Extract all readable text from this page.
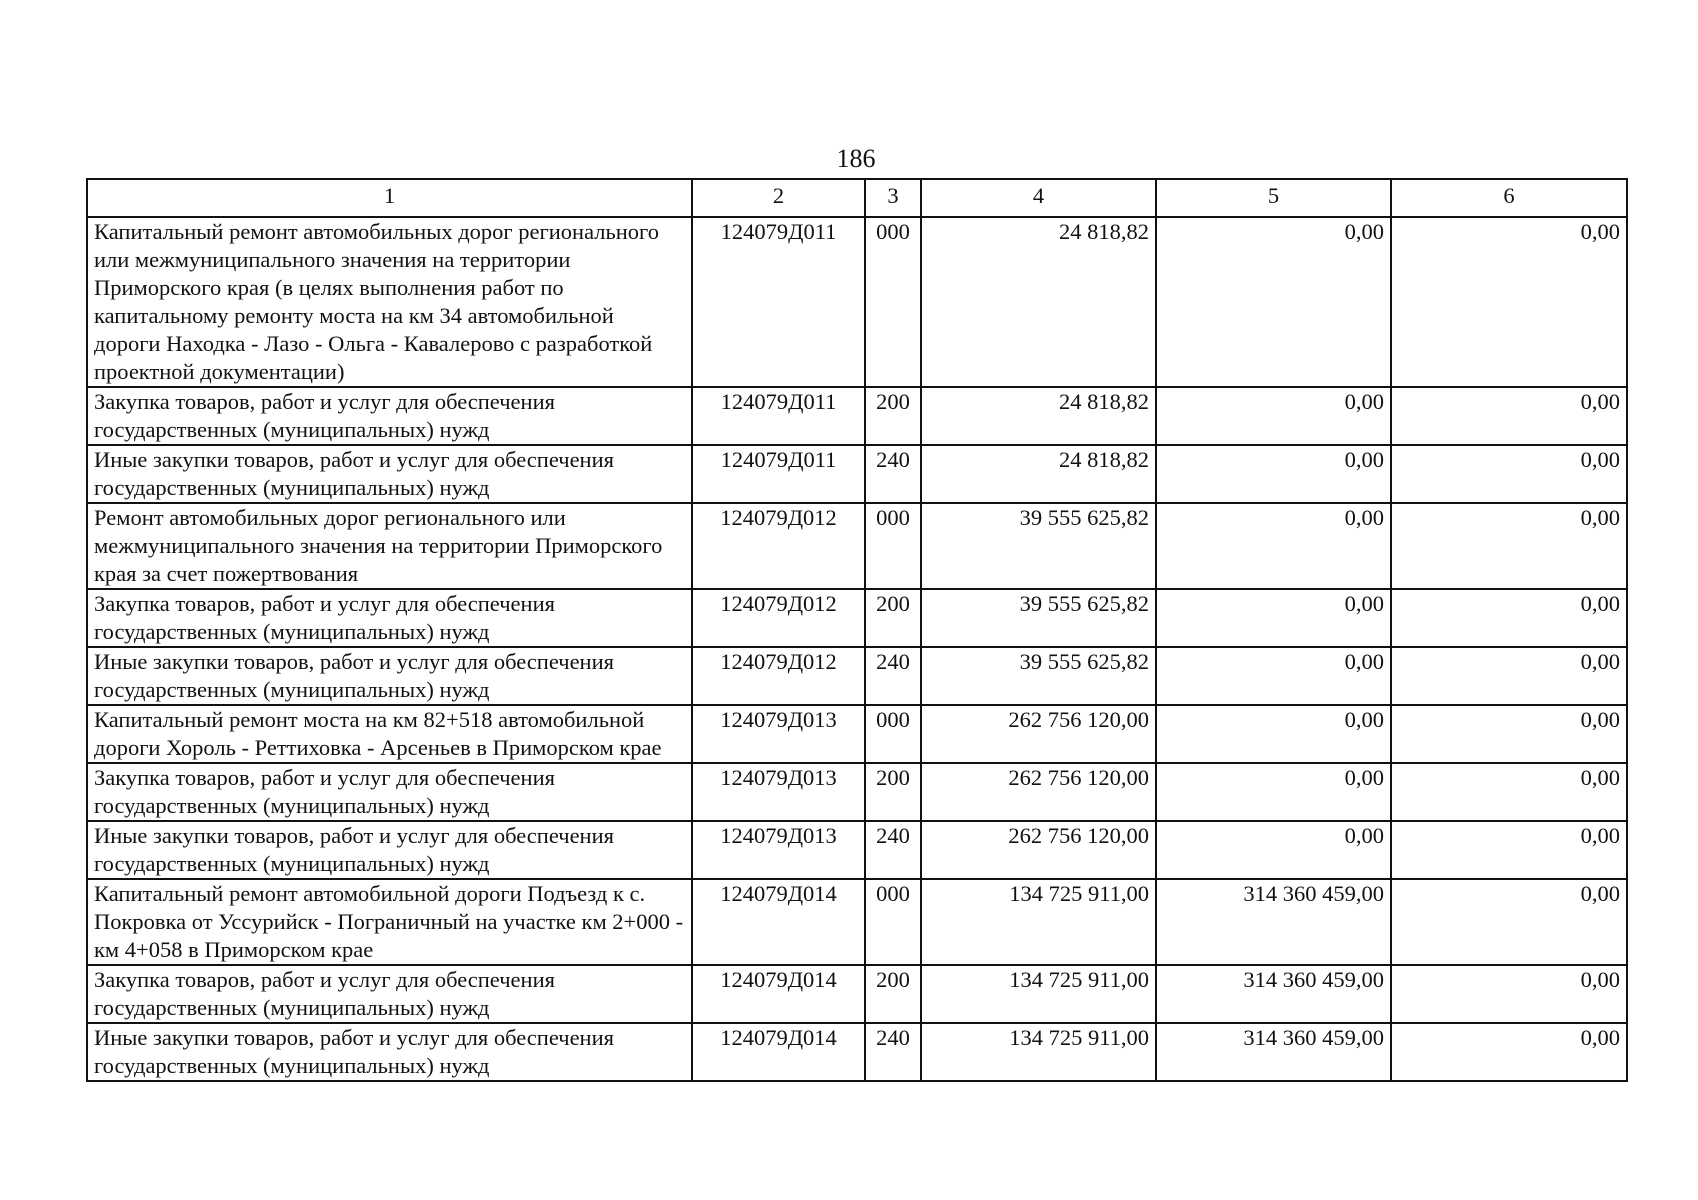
186
1	2	3	4	5	6
Капитальный ремонт автомобильных дорог регионального или межмуниципального значения на территории Приморского края (в целях выполнения работ по капитальному ремонту моста на км 34 автомобильной дороги Находка - Лазо - Ольга - Кавалерово с разработкой проектной документации)	124079Д011	000	24 818,82	0,00	0,00
Закупка товаров, работ и услуг для обеспечения государственных (муниципальных) нужд	124079Д011	200	24 818,82	0,00	0,00
Иные закупки товаров, работ и услуг для обеспечения государственных (муниципальных) нужд	124079Д011	240	24 818,82	0,00	0,00
Ремонт автомобильных дорог регионального или межмуниципального значения на территории Приморского края за счет пожертвования	124079Д012	000	39 555 625,82	0,00	0,00
Закупка товаров, работ и услуг для обеспечения государственных (муниципальных) нужд	124079Д012	200	39 555 625,82	0,00	0,00
Иные закупки товаров, работ и услуг для обеспечения государственных (муниципальных) нужд	124079Д012	240	39 555 625,82	0,00	0,00
Капитальный ремонт моста на км 82+518 автомобильной дороги Хороль - Реттиховка - Арсеньев в Приморском крае	124079Д013	000	262 756 120,00	0,00	0,00
Закупка товаров, работ и услуг для обеспечения государственных (муниципальных) нужд	124079Д013	200	262 756 120,00	0,00	0,00
Иные закупки товаров, работ и услуг для обеспечения государственных (муниципальных) нужд	124079Д013	240	262 756 120,00	0,00	0,00
Капитальный ремонт автомобильной дороги Подъезд к с. Покровка от Уссурийск - Пограничный на участке км 2+000 - км 4+058 в Приморском крае	124079Д014	000	134 725 911,00	314 360 459,00	0,00
Закупка товаров, работ и услуг для обеспечения государственных (муниципальных) нужд	124079Д014	200	134 725 911,00	314 360 459,00	0,00
Иные закупки товаров, работ и услуг для обеспечения государственных (муниципальных) нужд	124079Д014	240	134 725 911,00	314 360 459,00	0,00
